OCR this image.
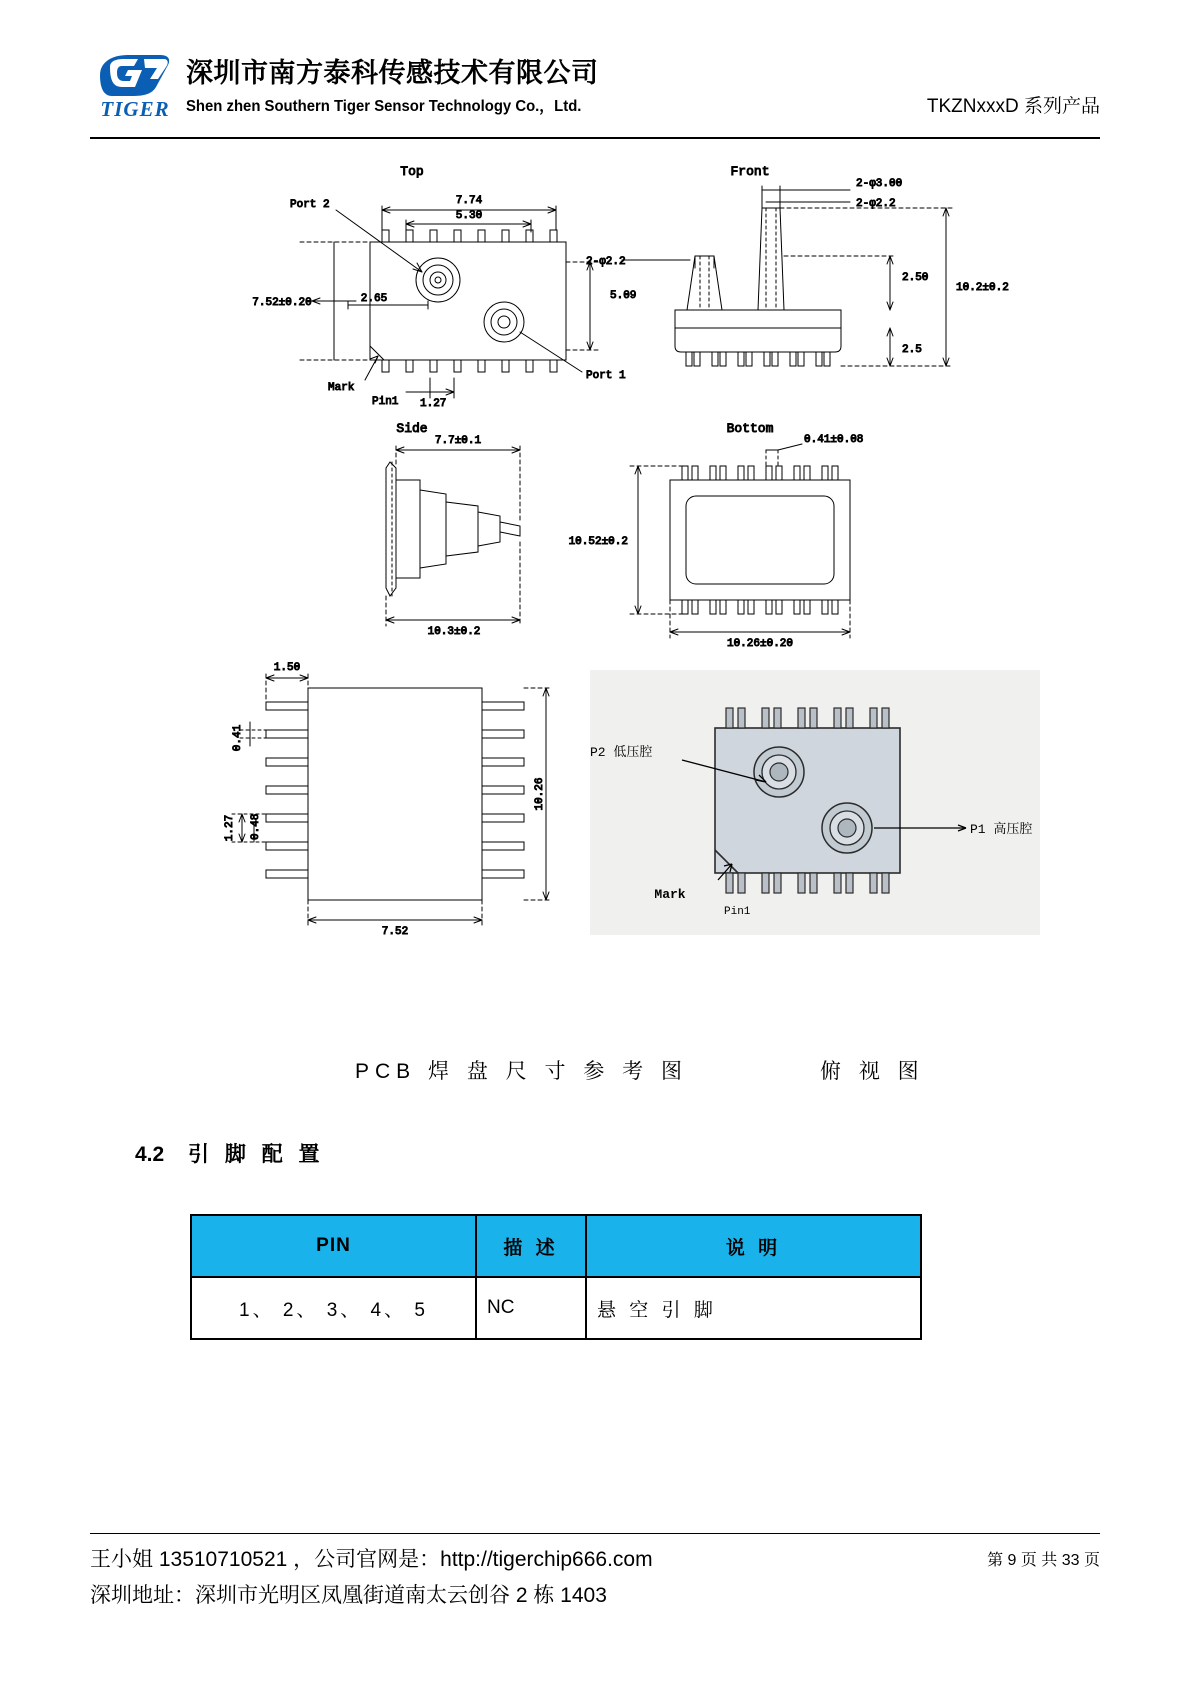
TIGER
深圳市南方泰科传感技术有限公司
Shen zhen Southern Tiger Sensor Technology Co.，Ltd.	TKZNxxxD 系列产品
Top
7.74
5.30
7.52±0.20	2.65	5.09
1.27
Port 2
Port 1
Mark
Pin1
Front
2-φ3.00
2-φ2.2
2.50
10.2±0.2
2.5
2-φ2.2
Side
7.7±0.1
10.3±0.2
Bottom
0.41±0.08
10.52±0.2
10.26±0.20
1.50
0.41
1.27 0.48
10.26
7.52
P2 低压腔
P1 高压腔
Mark
Pin1
PCB 焊 盘 尺 寸 参 考 图	俯 视 图
4.2 引 脚 配 置
PIN	描 述	说 明
1、 2、 3、 4、 5	NC	悬 空 引 脚
王小姐 13510710521 ，公司官网是：http://tigerchip666.com
深圳地址：深圳市光明区凤凰街道南太云创谷 2 栋 1403
第 9 页 共 33 页
